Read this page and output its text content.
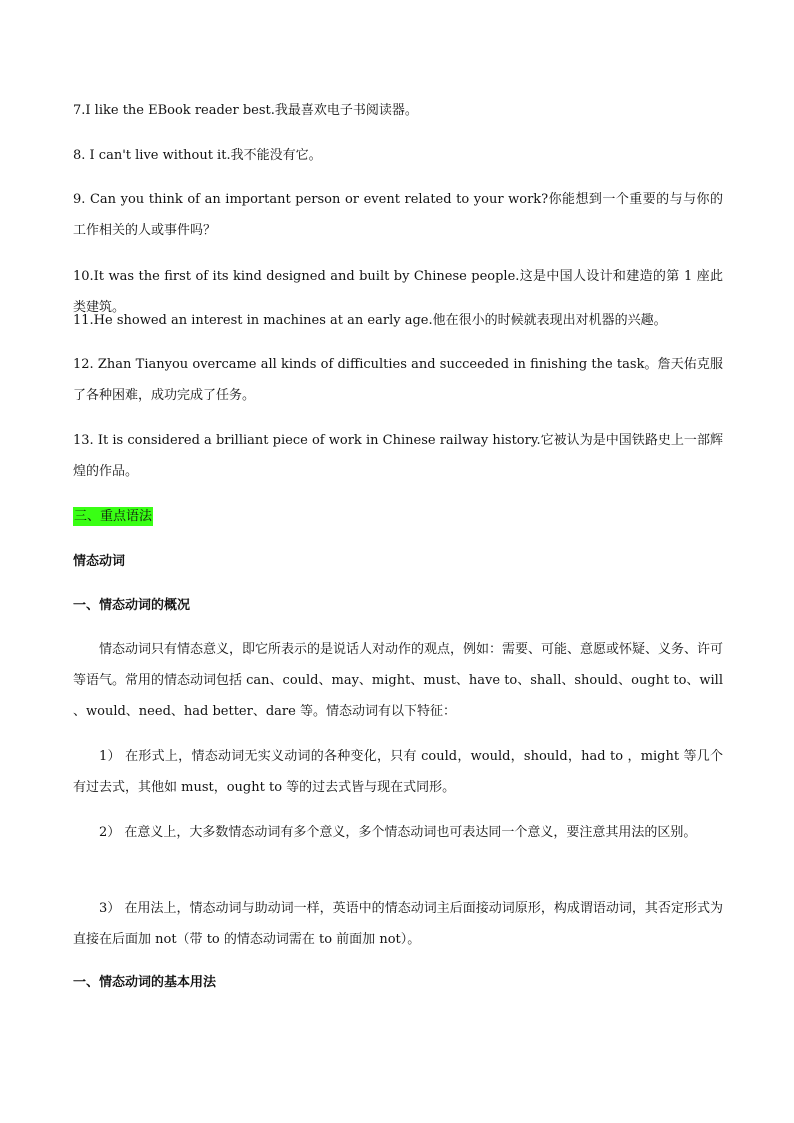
7.I like the EBook reader best.我最喜欢电子书阅读器。

8. I can't live without it.我不能没有它。

9. Can you think of an important person or event related to your work?你能想到一个重要的与与你的工作相关的人或事件吗？

10.It was the first of its kind designed and built by Chinese people.这是中国人设计和建造的第 1 座此类建筑。

11.He showed an interest in machines at an early age.他在很小的时候就表现出对机器的兴趣。

12. Zhan Tianyou overcame all kinds of difficulties and succeeded in finishing the task。詹天佑克服了各种困难，成功完成了任务。

13. It is considered a brilliant piece of work in Chinese railway history.它被认为是中国铁路史上一部辉煌的作品。

三、重点语法

情态动词

一、情态动词的概况

情态动词只有情态意义，即它所表示的是说话人对动作的观点，例如：需要、可能、意愿或怀疑、义务、许可等语气。常用的情态动词包括 can、could、may、might、must、have to、shall、should、ought to、will 、would、need、had better、dare 等。情态动词有以下特征：

1） 在形式上，情态动词无实义动词的各种变化，只有 could，would，should，had to ，might 等几个有过去式，其他如 must，ought to 等的过去式皆与现在式同形。

2） 在意义上，大多数情态动词有多个意义，多个情态动词也可表达同一个意义，要注意其用法的区别。

3） 在用法上，情态动词与助动词一样，英语中的情态动词主后面接动词原形，构成谓语动词，其否定形式为直接在后面加 not（带 to 的情态动词需在 to 前面加 not）。

一、情态动词的基本用法
